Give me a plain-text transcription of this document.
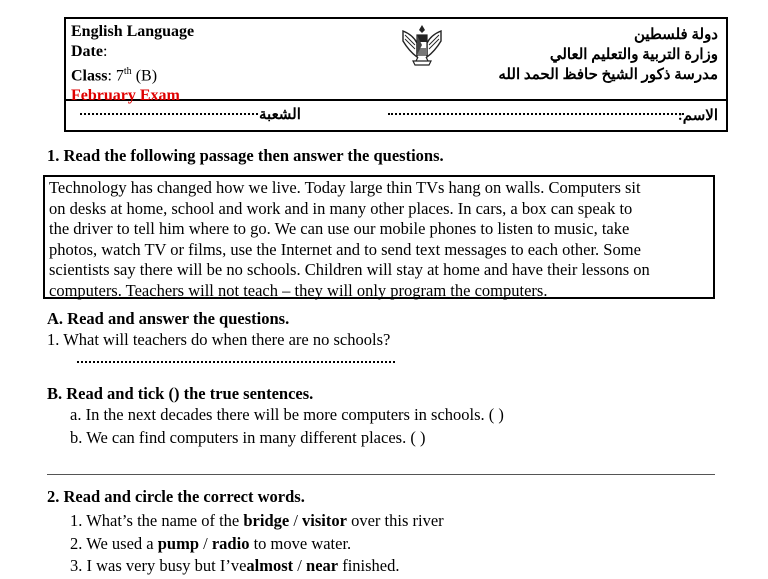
English Language
Date:
Class: 7th (B)
February Exam
دولة فلسطين
وزارة التربية والتعليم العالي
مدرسة ذكور الشيخ حافظ الحمد الله
الاسم:
الشعبة
1. Read the following passage then answer the questions.
Technology has changed how we live. Today large thin TVs hang on walls. Computers sit
on desks at home, school and work and in many other places. In cars, a box can speak to
the driver to tell him where to go. We can use our mobile phones to listen to music, take
photos, watch TV or films, use the Internet and to send text messages to each other. Some
scientists say there will be no schools. Children will stay at home and have their lessons on
computers. Teachers will not teach – they will only program the computers.
A. Read and answer the questions.
1. What will teachers do when there are no schools?
B. Read and tick () the true sentences.
a. In the next decades there will be more computers in schools. ( )
b. We can find computers in many different places. ( )
2. Read and circle the correct words.
1. What’s the name of the bridge / visitor over this river
2. We used a pump / radio to move water.
3. I was very busy but I’vealmost / near finished.
